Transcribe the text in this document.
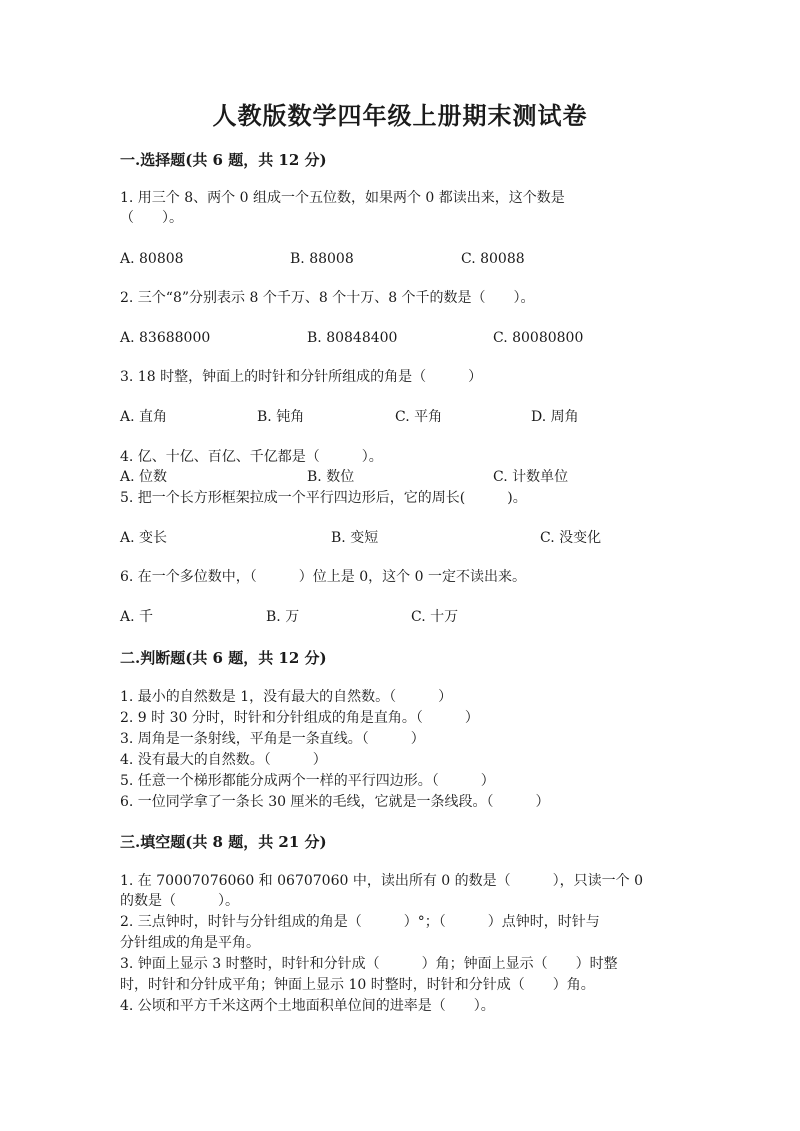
人教版数学四年级上册期末测试卷
一.选择题(共 6 题，共 12 分)
1. 用三个 8、两个 0 组成一个五位数，如果两个 0 都读出来，这个数是
（　　）。
A. 80808	B. 88008	C. 80088
2. 三个“8”分别表示 8 个千万、8 个十万、8 个千的数是（　　）。
A. 83688000	B. 80848400	C. 80080800
3. 18 时整，钟面上的时针和分针所组成的角是（　　　）
A. 直角	B. 钝角	C. 平角	D. 周角
4. 亿、十亿、百亿、千亿都是（　　　）。
A. 位数	B. 数位	C. 计数单位
5. 把一个长方形框架拉成一个平行四边形后，它的周长(　　　)。
A. 变长	B. 变短	C. 没变化
6. 在一个多位数中，（　　　）位上是 0，这个 0 一定不读出来。
A. 千	B. 万	C. 十万
二.判断题(共 6 题，共 12 分)
1. 最小的自然数是 1，没有最大的自然数。（　　　）
2. 9 时 30 分时，时针和分针组成的角是直角。（　　　）
3. 周角是一条射线，平角是一条直线。（　　　）
4. 没有最大的自然数。（　　　）
5. 任意一个梯形都能分成两个一样的平行四边形。（　　　）
6. 一位同学拿了一条长 30 厘米的毛线，它就是一条线段。（　　　）
三.填空题(共 8 题，共 21 分)
1. 在 70007076060 和 06707060 中，读出所有 0 的数是（　　　），只读一个 0
的数是（　　　）。
2. 三点钟时，时针与分针组成的角是（　　　）°；（　　　）点钟时，时针与
分针组成的角是平角。
3. 钟面上显示 3 时整时，时针和分针成（　　　）角；钟面上显示（　　）时整
时，时针和分针成平角；钟面上显示 10 时整时，时针和分针成（　　）角。
4. 公顷和平方千米这两个土地面积单位间的进率是（　　）。
